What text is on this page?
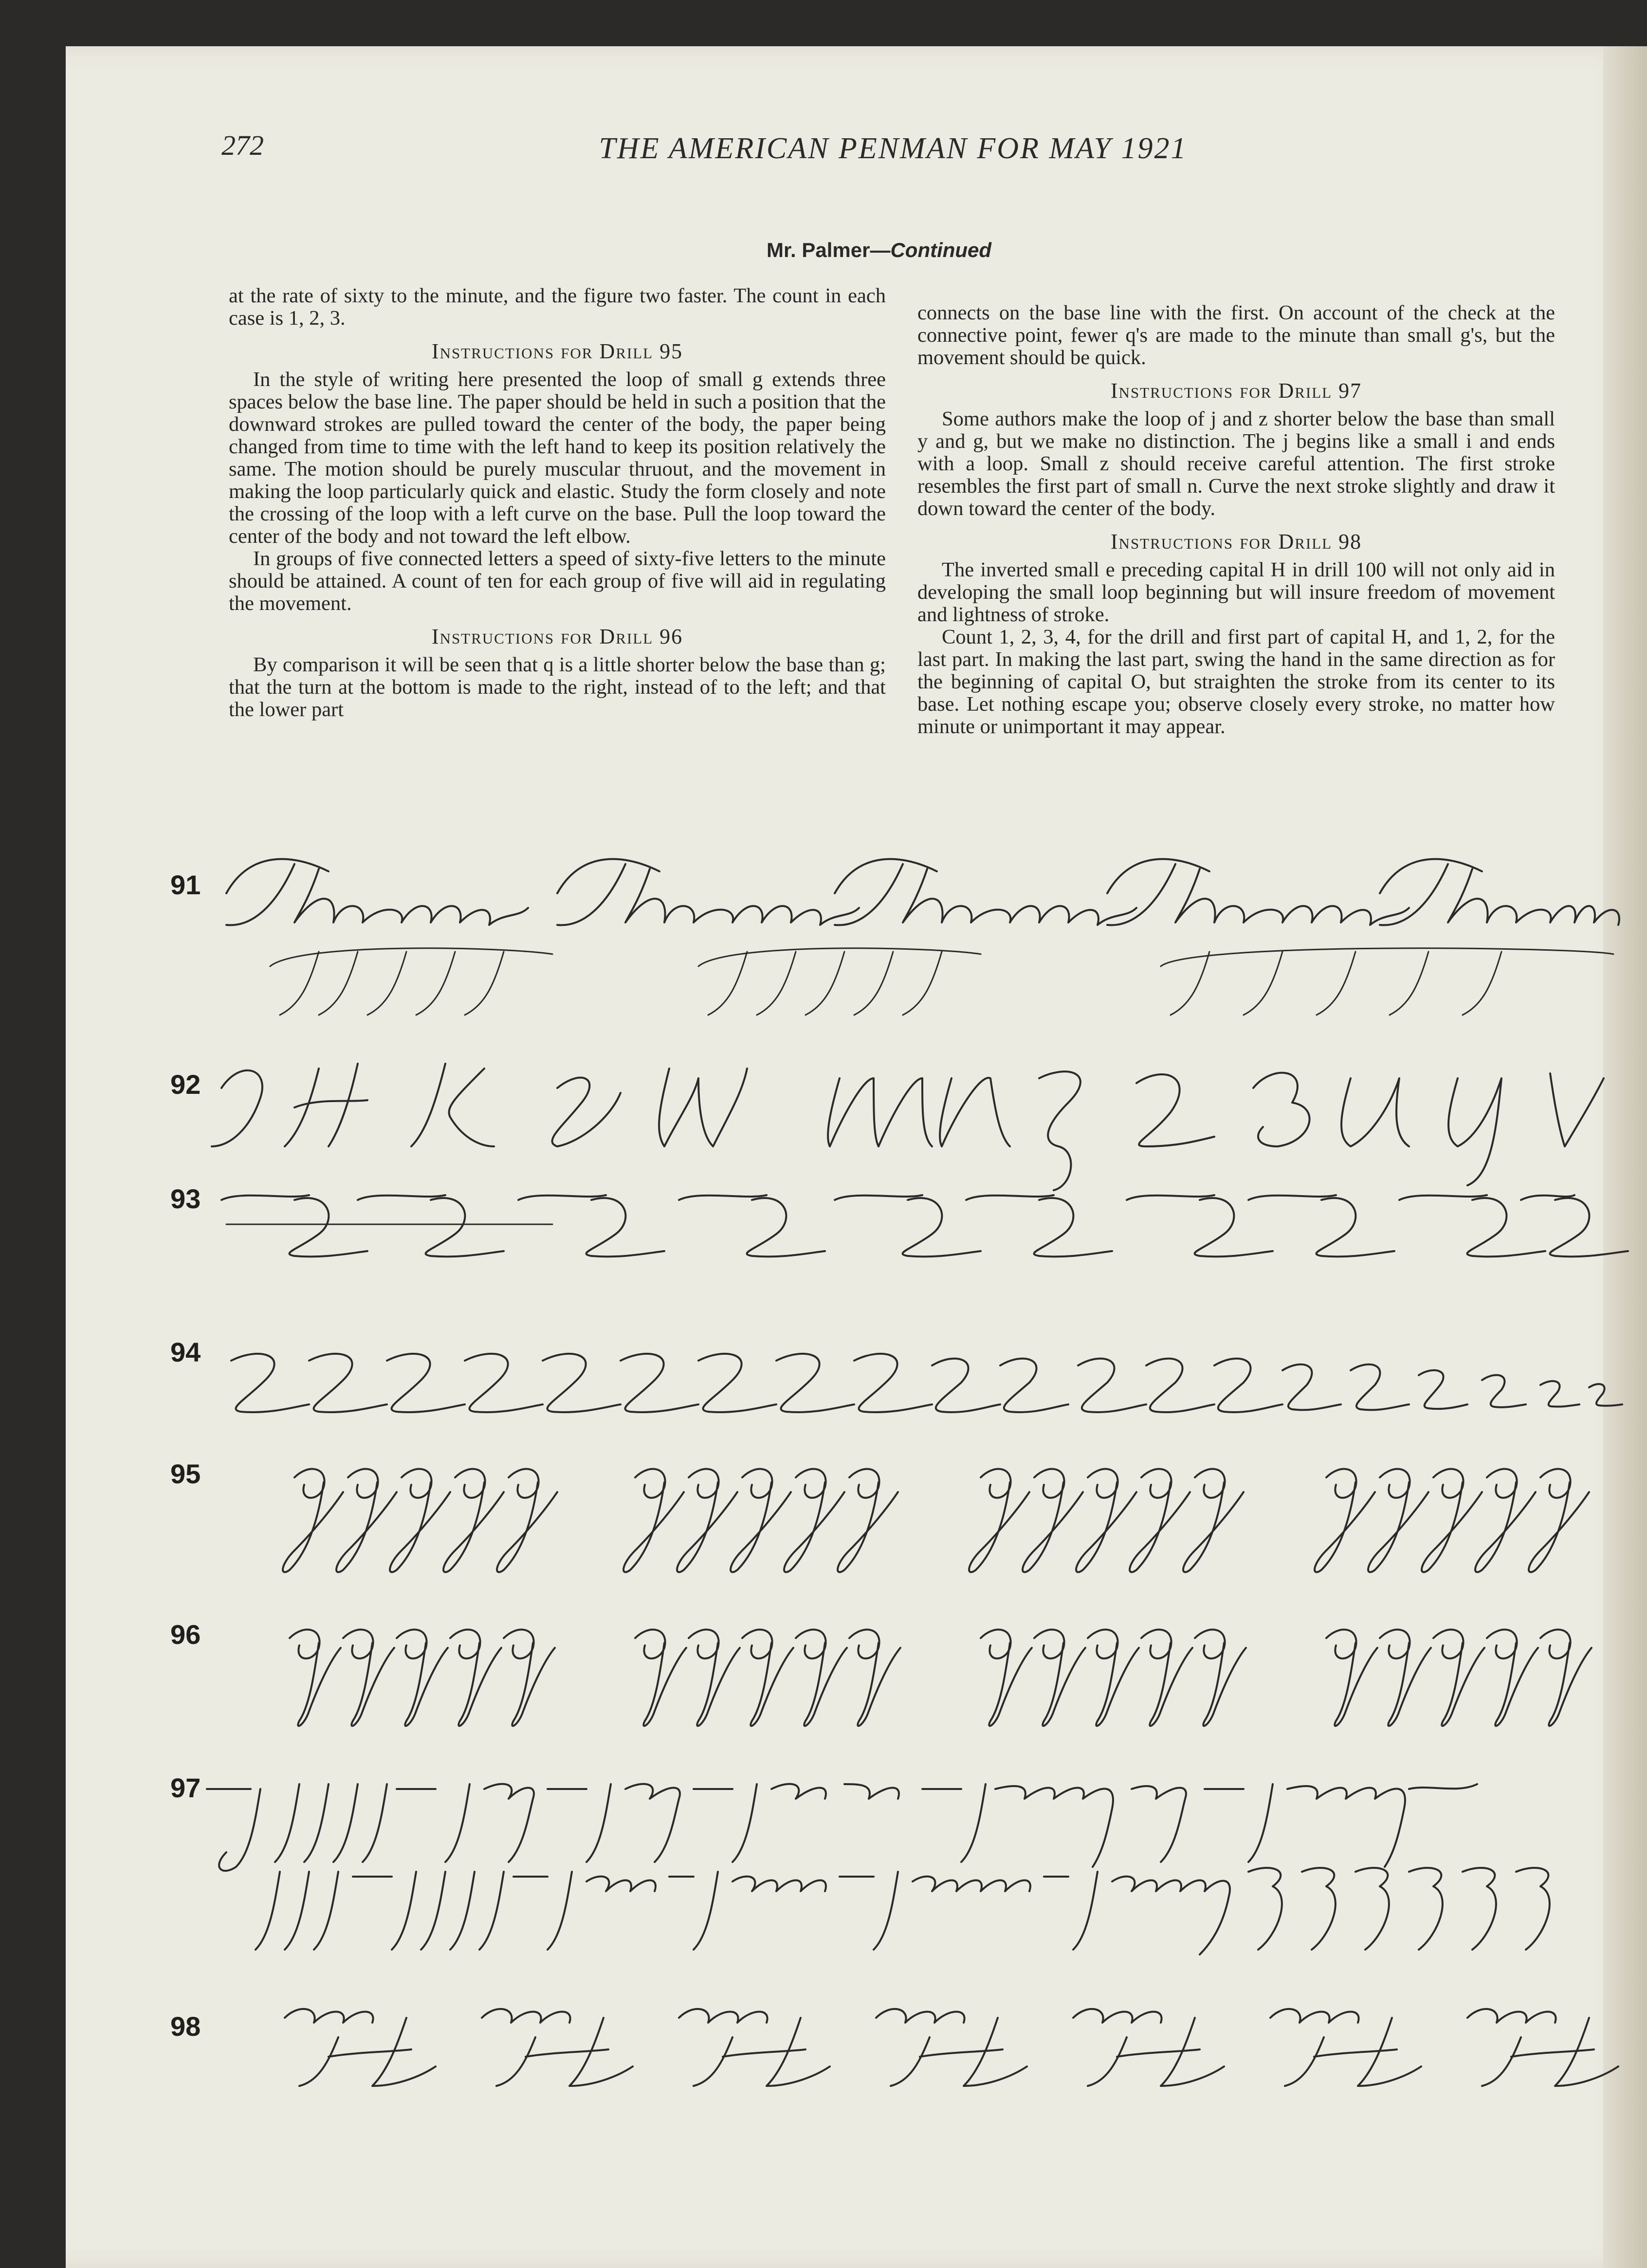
272	THE AMERICAN PENMAN FOR MAY 1921
Mr. Palmer—Continued

at the rate of sixty to the minute, and the figure two faster. The count in each case is 1, 2, 3.

Instructions for Drill 95

In the style of writing here presented the loop of small g extends three spaces below the base line. The paper should be held in such a position that the downward strokes are pulled toward the center of the body, the paper being changed from time to time with the left hand to keep its position relatively the same. The motion should be purely muscular thruout, and the movement in making the loop particularly quick and elastic. Study the form closely and note the crossing of the loop with a left curve on the base. Pull the loop toward the center of the body and not toward the left elbow.

In groups of five connected letters a speed of sixty-five letters to the minute should be attained. A count of ten for each group of five will aid in regulating the movement.

Instructions for Drill 96

By comparison it will be seen that q is a little shorter below the base than g; that the turn at the bottom is made to the right, instead of to the left; and that the lower part

connects on the base line with the first. On account of the check at the connective point, fewer q's are made to the minute than small g's, but the movement should be quick.

Instructions for Drill 97

Some authors make the loop of j and z shorter below the base than small y and g, but we make no distinction. The j begins like a small i and ends with a loop. Small z should receive careful attention. The first stroke resembles the first part of small n. Curve the next stroke slightly and draw it down toward the center of the body.

Instructions for Drill 98

The inverted small e preceding capital H in drill 100 will not only aid in developing the small loop beginning but will insure freedom of movement and lightness of stroke.

Count 1, 2, 3, 4, for the drill and first part of capital H, and 1, 2, for the last part. In making the last part, swing the hand in the same direction as for the beginning of capital O, but straighten the stroke from its center to its base. Let nothing escape you; observe closely every stroke, no matter how minute or unimportant it may appear.

91
92
93
94
95
96
97
98
